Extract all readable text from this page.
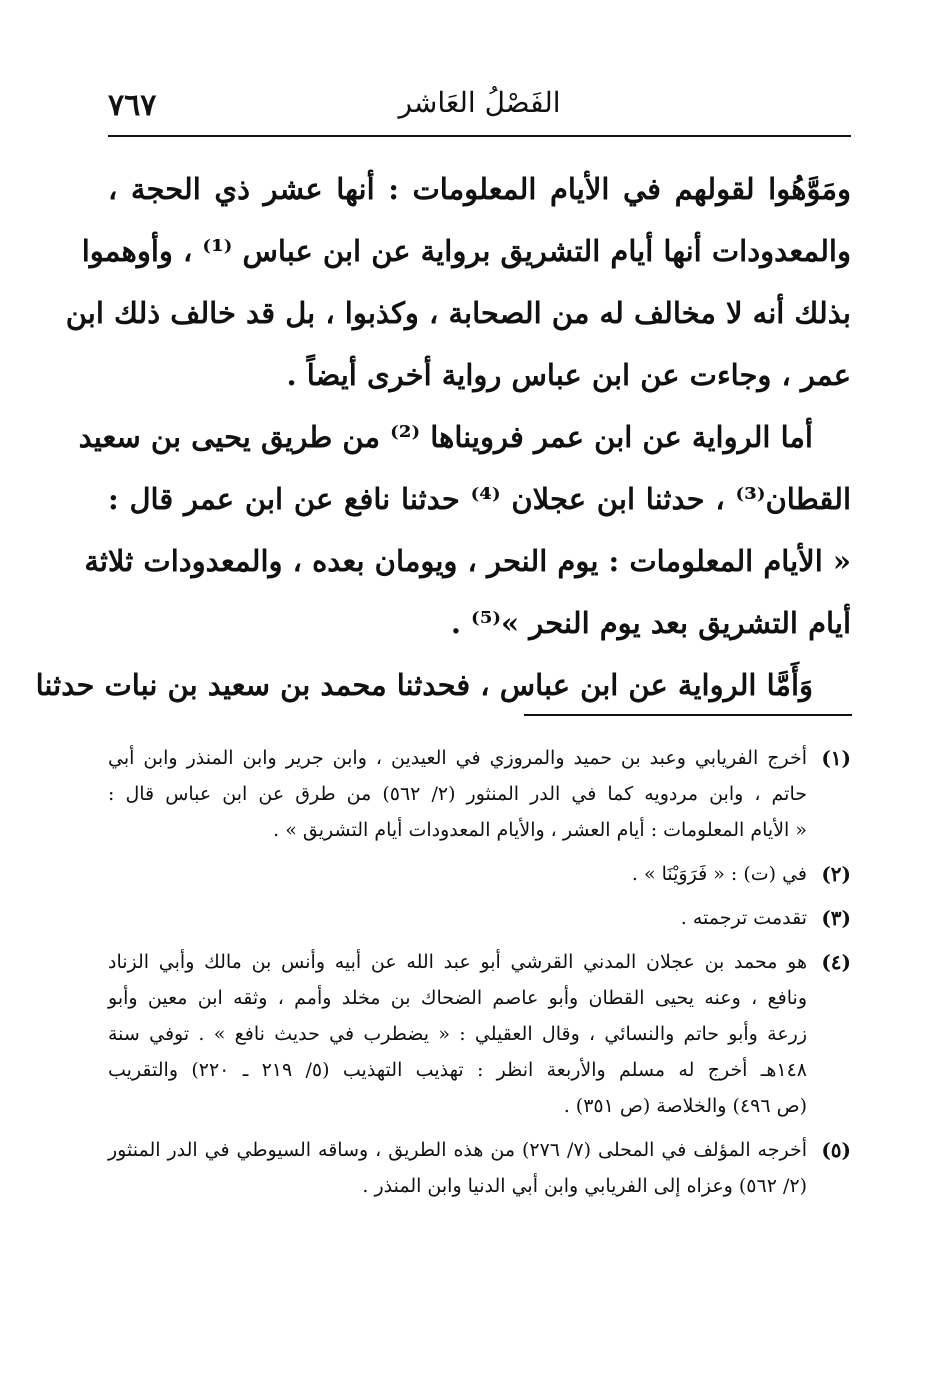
الفَصْلُ العَاشر
٧٦٧
ومَوَّهُوا لقولهم في الأيام المعلومات : أنها عشر ذي الحجة ،
والمعدودات أنها أيام التشريق برواية عن ابن عباس ⁽¹⁾ ، وأوهموا
بذلك أنه لا مخالف له من الصحابة ، وكذبوا ، بل قد خالف ذلك ابن
عمر ، وجاءت عن ابن عباس رواية أخرى أيضاً .
أما الرواية عن ابن عمر فرويناها ⁽²⁾ من طريق يحيى بن سعيد
القطان⁽³⁾ ، حدثنا ابن عجلان ⁽⁴⁾ حدثنا نافع عن ابن عمر قال :
« الأيام المعلومات : يوم النحر ، ويومان بعده ، والمعدودات ثلاثة
أيام التشريق بعد يوم النحر »⁽⁵⁾ .
وَأَمَّا الرواية عن ابن عباس ، فحدثنا محمد بن سعيد بن نبات حدثنا
(١)
أخرج الفريابي وعبد بن حميد والمروزي في العيدين ، وابن جرير وابن المنذر وابن أبي
حاتم ، وابن مردويه كما في الدر المنثور (٢/ ٥٦٢) من طرق عن ابن عباس قال :
« الأيام المعلومات : أيام العشر ، والأيام المعدودات أيام التشريق » .
(٢)
في (ت) : « فَرَوَيْنَا » .
(٣)
تقدمت ترجمته .
(٤)
هو محمد بن عجلان المدني القرشي أبو عبد الله عن أبيه وأنس بن مالك وأبي الزناد
ونافع ، وعنه يحيى القطان وأبو عاصم الضحاك بن مخلد وأمم ، وثقه ابن معين وأبو
زرعة وأبو حاتم والنسائي ، وقال العقيلي : « يضطرب في حديث نافع » . توفي سنة
١٤٨هـ أخرج له مسلم والأربعة انظر : تهذيب التهذيب (٥/ ٢١٩ ـ ٢٢٠) والتقريب
(ص ٤٩٦) والخلاصة (ص ٣٥١) .
(٥)
أخرجه المؤلف في المحلى (٧/ ٢٧٦) من هذه الطريق ، وساقه السيوطي في الدر المنثور
(٢/ ٥٦٢) وعزاه إلى الفريابي وابن أبي الدنيا وابن المنذر .
